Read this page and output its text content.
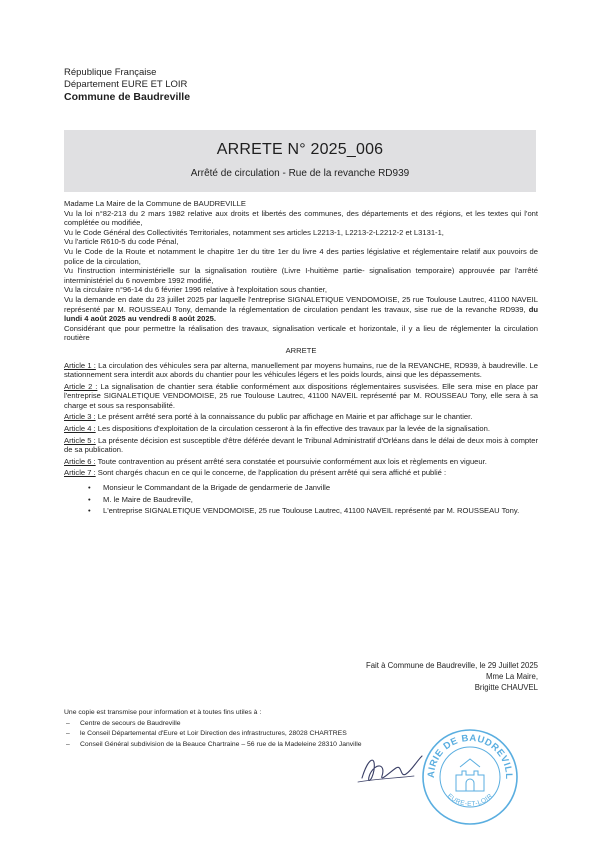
République Française
Département EURE ET LOIR
Commune de Baudreville
ARRETE N° 2025_006
Arrêté de circulation - Rue de la revanche RD939

Madame La Maire de la Commune de BAUDREVILLE

Vu la loi n°82-213 du 2 mars 1982 relative aux droits et libertés des communes, des départements et des régions, et les textes qui l'ont complétée ou modifiée,

Vu le Code Général des Collectivités Territoriales, notamment ses articles L2213-1, L2213-2-L2212-2 et L3131-1,

Vu l'article R610-5 du code Pénal,

Vu le Code de la Route et notamment le chapitre 1er du titre 1er du livre 4 des parties législative et réglementaire relatif aux pouvoirs de police de la circulation,

Vu l'instruction interministérielle sur la signalisation routière (Livre I-huitième partie- signalisation temporaire) approuvée par l'arrêté interministériel du 6 novembre 1992 modifié,

Vu la circulaire n°96-14 du 6 février 1996 relative à l'exploitation sous chantier,

Vu la demande en date du 23 juillet 2025 par laquelle l'entreprise SIGNALETIQUE VENDOMOISE, 25 rue Toulouse Lautrec, 41100 NAVEIL représenté par M. ROUSSEAU Tony, demande la réglementation de circulation pendant les travaux, sise rue de la revanche RD939, du lundi 4 août 2025 au vendredi 8 août 2025.

Considérant que pour permettre la réalisation des travaux, signalisation verticale et horizontale, il y a lieu de réglementer la circulation routière

ARRETE

Article 1 : La circulation des véhicules sera par alterna, manuellement par moyens humains, rue de la REVANCHE, RD939, à baudreville. Le stationnement sera interdit aux abords du chantier pour les véhicules légers et les poids lourds, ainsi que les dépassements.

Article 2 : La signalisation de chantier sera établie conformément aux dispositions réglementaires susvisées. Elle sera mise en place par l'entreprise SIGNALETIQUE VENDOMOISE, 25 rue Toulouse Lautrec, 41100 NAVEIL représenté par M. ROUSSEAU Tony, elle sera à sa charge et sous sa responsabilité.

Article 3 : Le présent arrêté sera porté à la connaissance du public par affichage en Mairie et par affichage sur le chantier.

Article 4 : Les dispositions d'exploitation de la circulation cesseront à la fin effective des travaux par la levée de la signalisation.

Article 5 : La présente décision est susceptible d'être déférée devant le Tribunal Administratif d'Orléans dans le délai de deux mois à compter de sa publication.

Article 6 : Toute contravention au présent arrêté sera constatée et poursuivie conformément aux lois et règlements en vigueur.

Article 7 : Sont chargés chacun en ce qui le concerne, de l'application du présent arrêté qui sera affiché et publié :

• Monsieur le Commandant de la Brigade de gendarmerie de Janville
• M. le Maire de Baudreville,
• L'entreprise SIGNALETIQUE VENDOMOISE, 25 rue Toulouse Lautrec, 41100 NAVEIL représenté par M. ROUSSEAU Tony.
Fait à Commune de Baudreville, le 29 Juillet 2025
Mme La Maire,
Brigitte CHAUVEL
Une copie est transmise pour information et à toutes fins utiles à :
– Centre de secours de Baudreville
– le Conseil Départemental d'Eure et Loir Direction des infrastructures, 28028 CHARTRES
– Conseil Général subdivision de la Beauce Chartraine – 56 rue de la Madeleine 28310 Janville
AIRIE DE BAUDREVILL
EURE-ET-LOIR
